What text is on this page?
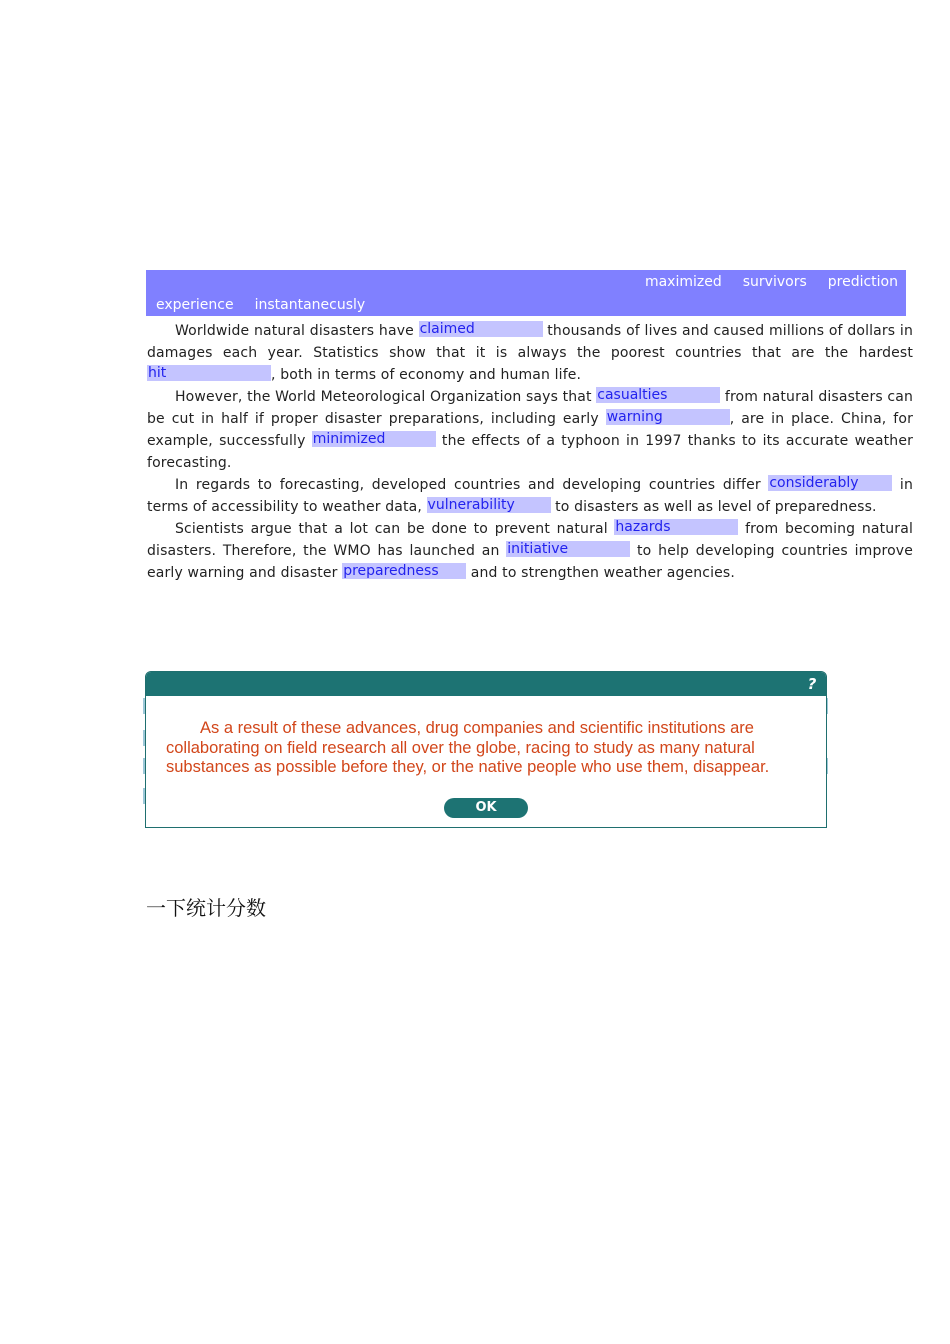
maximized survivors prediction
experience instantanecusly

Worldwide natural disasters have claimed	thousands of lives and caused millions of dollars in damages each year. Statistics show that it is always the poorest countries that are the hardest hit	, both in terms of economy and human life.

However, the World Meteorological Organization says that casualties	from natural disasters can be cut in half if proper disaster preparations, including early warning	, are in place. China, for example, successfully minimized	the effects of a typhoon in 1997 thanks to its accurate weather forecasting.

In regards to forecasting, developed countries and developing countries differ considerably in terms of accessibility to weather data, vulnerability	to disasters as well as level of preparedness.

Scientists argue that a lot can be done to prevent natural hazards	from becoming natural disasters. Therefore, the WMO has launched an initiative	to help developing countries improve early warning and disaster preparedness and to strengthen weather agencies.

?

As a result of these advances, drug companies and scientific institutions are collaborating on field research all over the globe, racing to study as many natural substances as possible before they, or the native people who use them, disappear.

OK
一下统计分数
